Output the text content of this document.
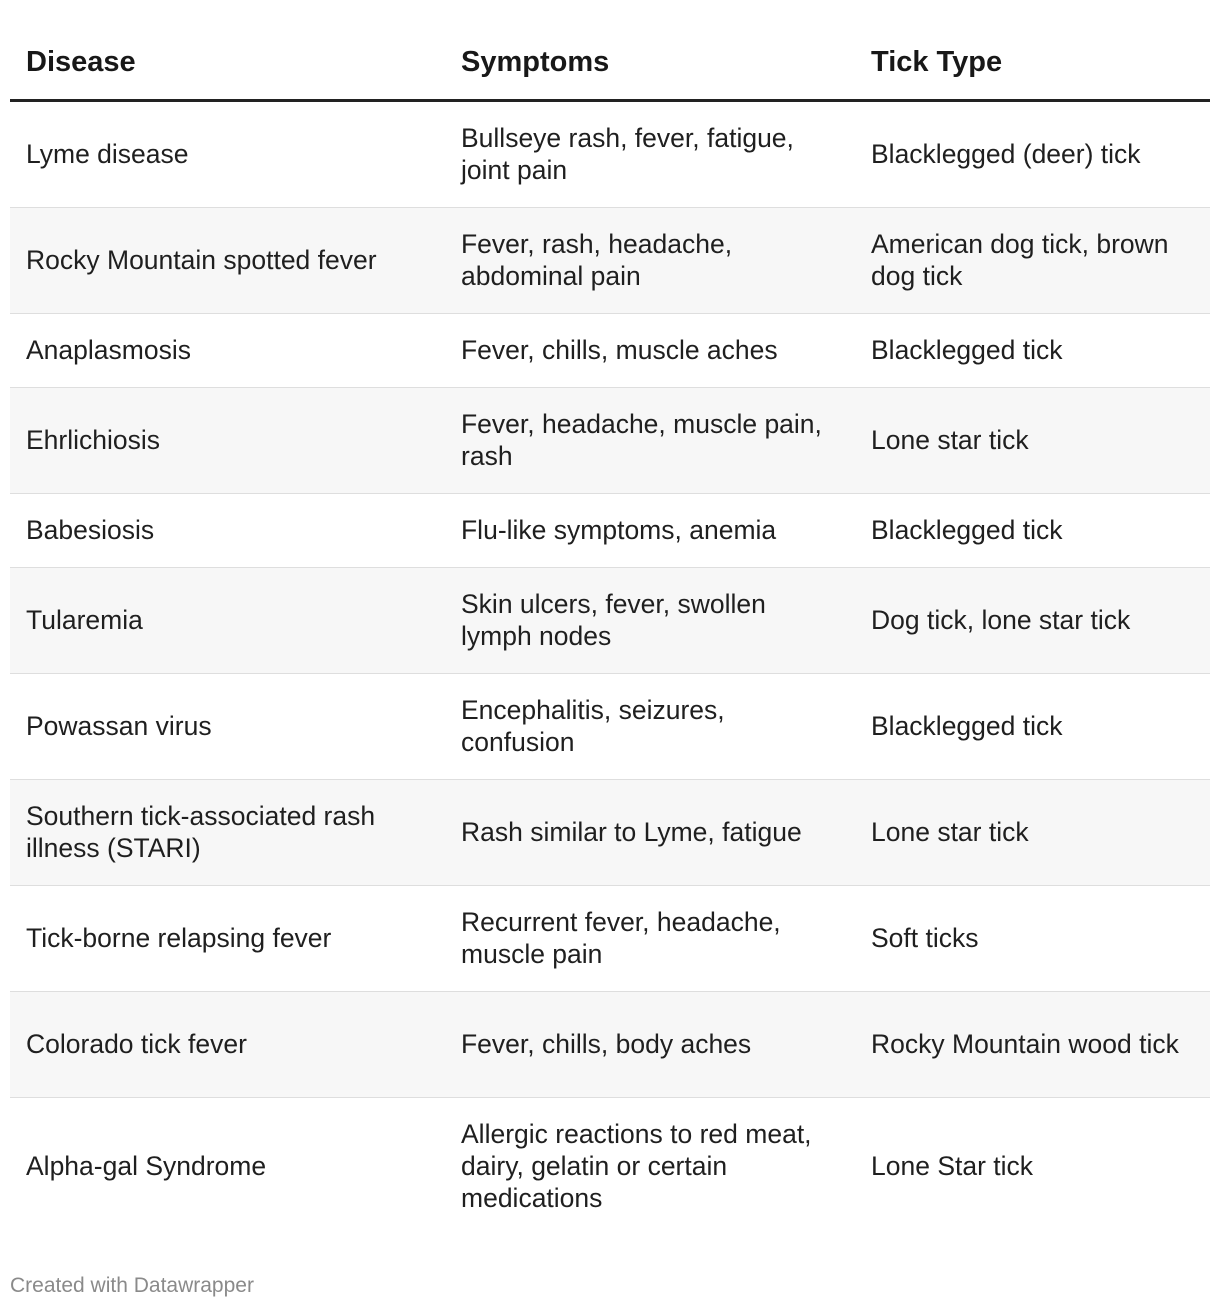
Disease	Symptoms	Tick Type
Lyme disease	Bullseye rash, fever, fatigue, joint pain	Blacklegged (deer) tick
Rocky Mountain spotted fever	Fever, rash, headache, abdominal pain	American dog tick, brown dog tick
Anaplasmosis	Fever, chills, muscle aches	Blacklegged tick
Ehrlichiosis	Fever, headache, muscle pain, rash	Lone star tick
Babesiosis	Flu-like symptoms, anemia	Blacklegged tick
Tularemia	Skin ulcers, fever, swollen lymph nodes	Dog tick, lone star tick
Powassan virus	Encephalitis, seizures, confusion	Blacklegged tick
Southern tick-associated rash illness (STARI)	Rash similar to Lyme, fatigue	Lone star tick
Tick-borne relapsing fever	Recurrent fever, headache, muscle pain	Soft ticks
Colorado tick fever	Fever, chills, body aches	Rocky Mountain wood tick
Alpha-gal Syndrome	Allergic reactions to red meat, dairy, gelatin or certain medications	Lone Star tick
Created with Datawrapper
